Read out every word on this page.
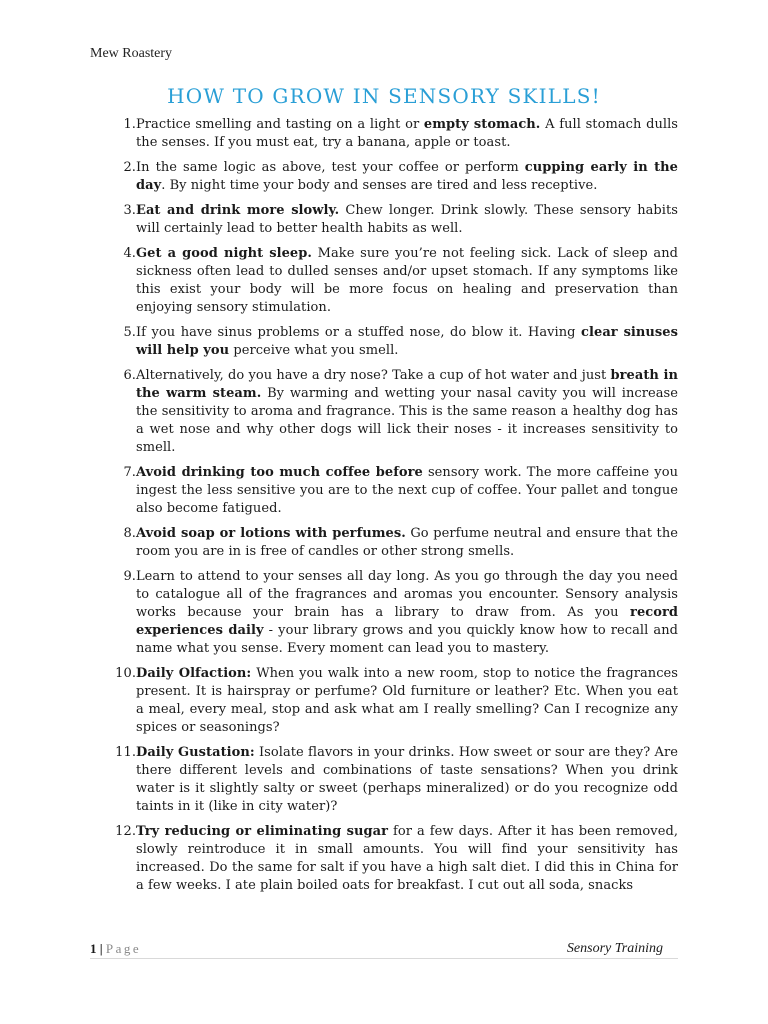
Mew Roastery
HOW TO GROW IN SENSORY SKILLS!
1. Practice smelling and tasting on a light or empty stomach. A full stomach dulls the senses. If you must eat, try a banana, apple or toast.
2. In the same logic as above, test your coffee or perform cupping early in the day. By night time your body and senses are tired and less receptive.
3. Eat and drink more slowly. Chew longer. Drink slowly. These sensory habits will certainly lead to better health habits as well.
4. Get a good night sleep. Make sure you’re not feeling sick. Lack of sleep and sickness often lead to dulled senses and/or upset stomach. If any symptoms like this exist your body will be more focus on healing and preservation than enjoying sensory stimulation.
5. If you have sinus problems or a stuffed nose, do blow it. Having clear sinuses will help you perceive what you smell.
6. Alternatively, do you have a dry nose? Take a cup of hot water and just breath in the warm steam. By warming and wetting your nasal cavity you will increase the sensitivity to aroma and fragrance. This is the same reason a healthy dog has a wet nose and why other dogs will lick their noses - it increases sensitivity to smell.
7. Avoid drinking too much coffee before sensory work. The more caffeine you ingest the less sensitive you are to the next cup of coffee. Your pallet and tongue also become fatigued.
8. Avoid soap or lotions with perfumes. Go perfume neutral and ensure that the room you are in is free of candles or other strong smells.
9. Learn to attend to your senses all day long. As you go through the day you need to catalogue all of the fragrances and aromas you encounter. Sensory analysis works because your brain has a library to draw from. As you record experiences daily - your library grows and you quickly know how to recall and name what you sense. Every moment can lead you to mastery.
10. Daily Olfaction: When you walk into a new room, stop to notice the fragrances present. It is hairspray or perfume? Old furniture or leather? Etc. When you eat a meal, every meal, stop and ask what am I really smelling? Can I recognize any spices or seasonings?
11. Daily Gustation: Isolate flavors in your drinks. How sweet or sour are they? Are there different levels and combinations of taste sensations? When you drink water is it slightly salty or sweet (perhaps mineralized) or do you recognize odd taints in it (like in city water)?
12. Try reducing or eliminating sugar for a few days. After it has been removed, slowly reintroduce it in small amounts. You will find your sensitivity has increased. Do the same for salt if you have a high salt diet. I did this in China for a few weeks. I ate plain boiled oats for breakfast. I cut out all soda, snacks
1 | Page	Sensory Training
